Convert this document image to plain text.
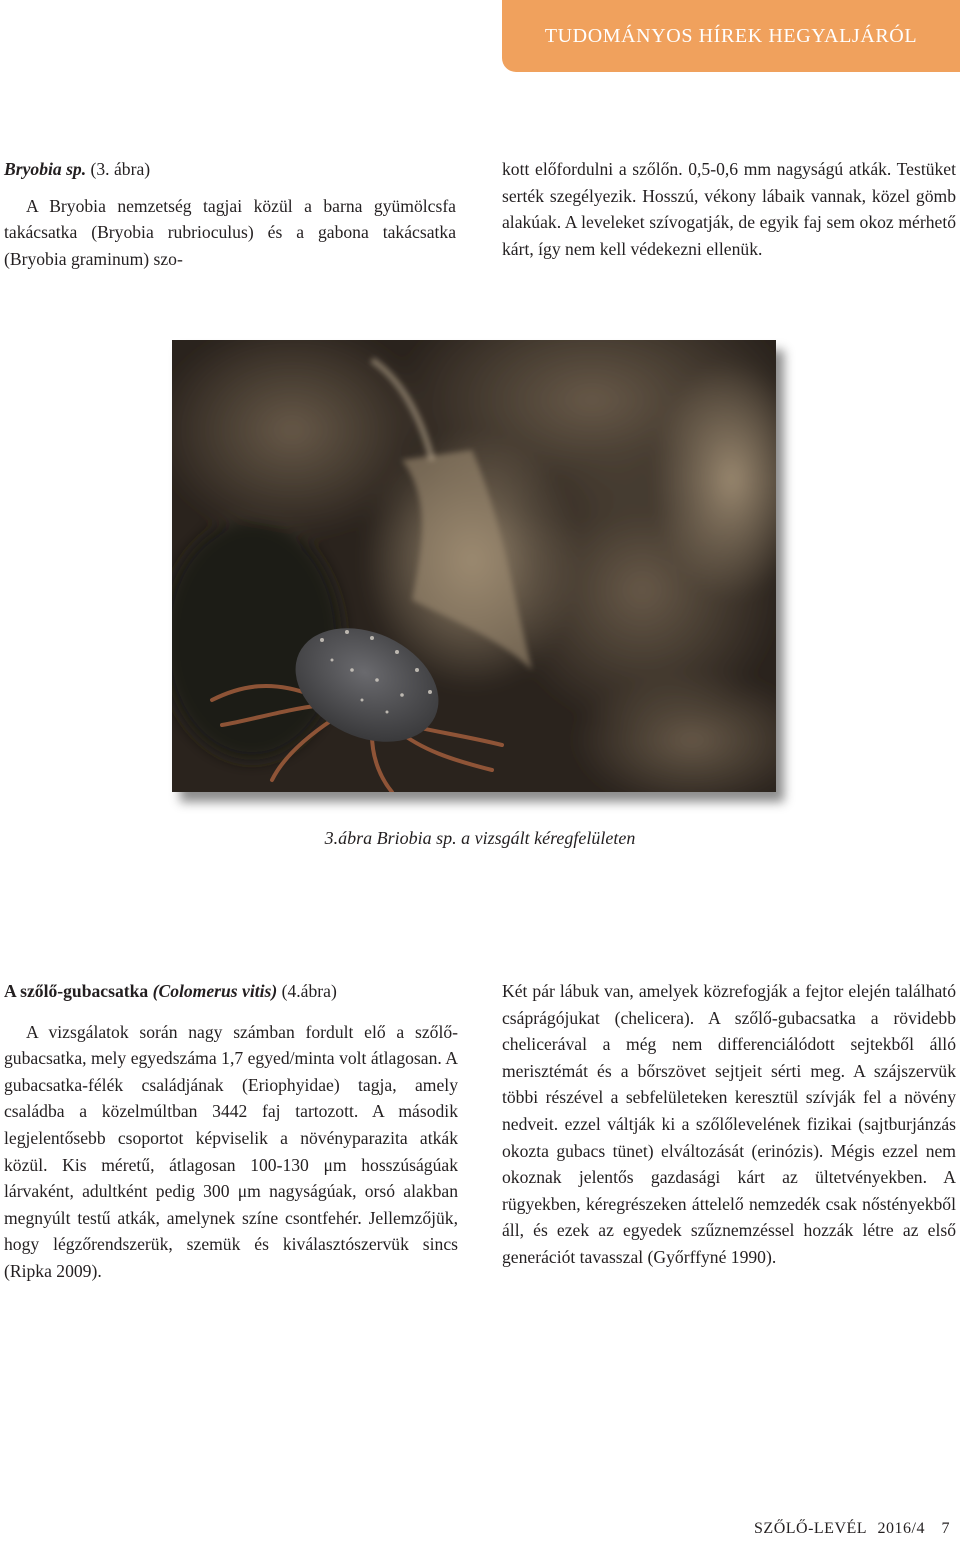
TUDOMÁNYOS HÍREK HEGYALJÁRÓL

Bryobia sp. (3. ábra)

A Bryobia nemzetség tagjai közül a barna gyümölcsfa takácsatka (Bryobia rubrioculus) és a gabona takácsatka (Bryobia graminum) szo-

kott előfordulni a szőlőn. 0,5-0,6 mm nagyságú atkák. Testüket serték szegélyezik. Hosszú, vékony lábaik vannak, közel gömb alakúak. A leveleket szívogatják, de egyik faj sem okoz mérhető kárt, így nem kell védekezni ellenük.

3.ábra Briobia sp. a vizsgált kéregfelületen

A szőlő-gubacsatka (Colomerus vitis) (4.ábra)

A vizsgálatok során nagy számban fordult elő a szőlő-gubacsatka, mely egyedszáma 1,7 egyed/minta volt átlagosan. A gubacsatka-félék családjának (Eriophyidae) tagja, amely családba a közelmúltban 3442 faj tartozott. A második legjelentősebb csoportot képviselik a növényparazita atkák közül. Kis méretű, átlagosan 100-130 μm hosszúságúak lárvaként, adultként pedig 300 μm nagyságúak, orsó alakban megnyúlt testű atkák, amelynek színe csontfehér. Jellemzőjük, hogy légzőrendszerük, szemük és kiválasztószervük sincs (Ripka 2009).

Két pár lábuk van, amelyek közrefogják a fejtor elején található csáprágójukat (chelicera). A szőlő-gubacsatka a rövidebb chelicerával a még nem differenciálódott sejtekből álló merisztémát és a bőrszövet sejtjeit sérti meg. A szájszervük többi részével a sebfelületeken keresztül szívják fel a növény nedveit. ezzel váltják ki a szőlőlevelének fizikai (sajtburjánzás okozta gubacs tünet) elváltozását (erinózis). Mégis ezzel nem okoznak jelentős gazdasági kárt az ültetvényekben. A rügyekben, kéregrészeken áttelelő nemzedék csak nőstényekből áll, és ezek az egyedek szűznemzéssel hozzák létre az első generációt tavasszal (Győrffyné 1990).

SZŐLŐ-LEVÉL 2016/4 7
